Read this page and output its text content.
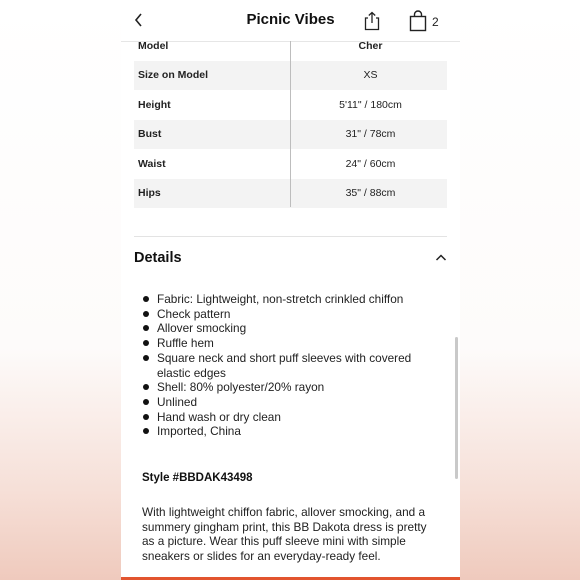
Picnic Vibes	2
Model	Cher
Size on Model	XS
Height	5'11" / 180cm
Bust	31" / 78cm
Waist	24" / 60cm
Hips	35" / 88cm
Details
Fabric: Lightweight, non-stretch crinkled chiffon
Check pattern
Allover smocking
Ruffle hem
Square neck and short puff sleeves with covered elastic edges
Shell: 80% polyester/20% rayon
Unlined
Hand wash or dry clean
Imported, China
Style #BBDAK43498
With lightweight chiffon fabric, allover smocking, and a summery gingham print, this BB Dakota dress is pretty as a picture. Wear this puff sleeve mini with simple sneakers or slides for an everyday-ready feel.
